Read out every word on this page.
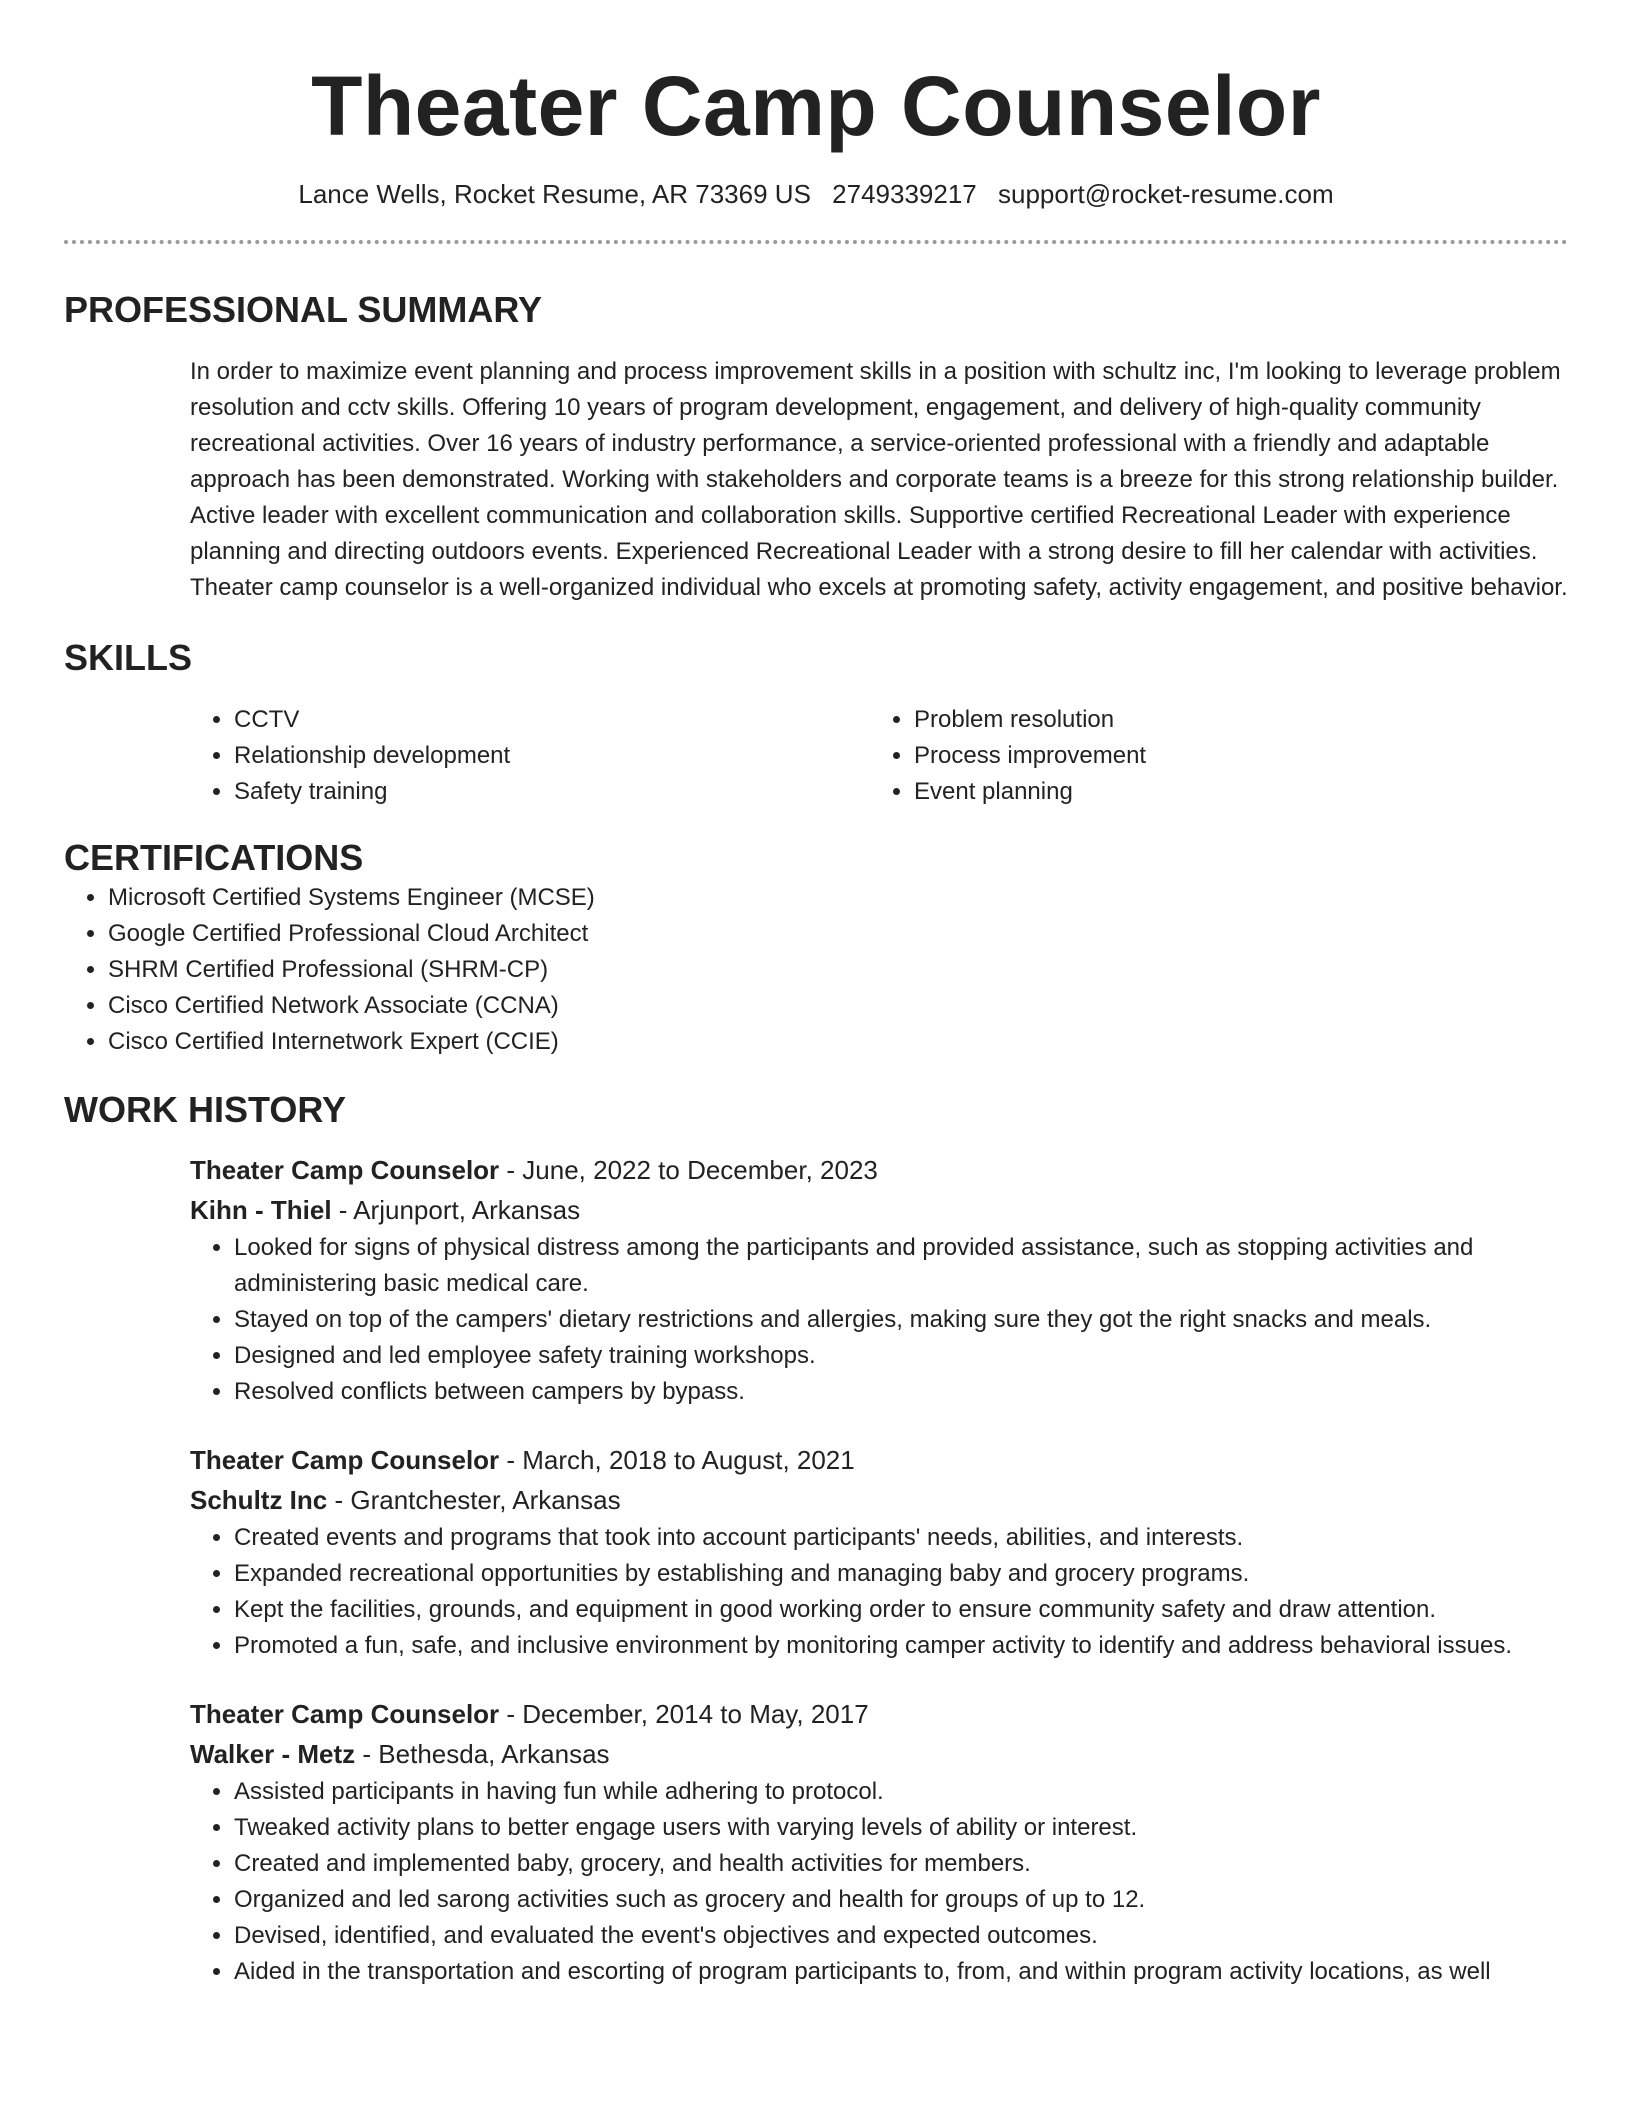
Theater Camp Counselor
Lance Wells, Rocket Resume, AR 73369 US 2749339217 support@rocket-resume.com
PROFESSIONAL SUMMARY

In order to maximize event planning and process improvement skills in a position with schultz inc, I'm looking to leverage problem resolution and cctv skills. Offering 10 years of program development, engagement, and delivery of high-quality community recreational activities. Over 16 years of industry performance, a service-oriented professional with a friendly and adaptable approach has been demonstrated. Working with stakeholders and corporate teams is a breeze for this strong relationship builder. Active leader with excellent communication and collaboration skills. Supportive certified Recreational Leader with experience planning and directing outdoors events. Experienced Recreational Leader with a strong desire to fill her calendar with activities. Theater camp counselor is a well-organized individual who excels at promoting safety, activity engagement, and positive behavior.

SKILLS
• CCTV
• Relationship development
• Safety training
• Problem resolution
• Process improvement
• Event planning
CERTIFICATIONS
• Microsoft Certified Systems Engineer (MCSE)
• Google Certified Professional Cloud Architect
• SHRM Certified Professional (SHRM-CP)
• Cisco Certified Network Associate (CCNA)
• Cisco Certified Internetwork Expert (CCIE)
WORK HISTORY
Theater Camp Counselor - June, 2022 to December, 2023
Kihn - Thiel - Arjunport, Arkansas
• Looked for signs of physical distress among the participants and provided assistance, such as stopping activities and administering basic medical care.
• Stayed on top of the campers' dietary restrictions and allergies, making sure they got the right snacks and meals.
• Designed and led employee safety training workshops.
• Resolved conflicts between campers by bypass.
Theater Camp Counselor - March, 2018 to August, 2021
Schultz Inc - Grantchester, Arkansas
• Created events and programs that took into account participants' needs, abilities, and interests.
• Expanded recreational opportunities by establishing and managing baby and grocery programs.
• Kept the facilities, grounds, and equipment in good working order to ensure community safety and draw attention.
• Promoted a fun, safe, and inclusive environment by monitoring camper activity to identify and address behavioral issues.
Theater Camp Counselor - December, 2014 to May, 2017
Walker - Metz - Bethesda, Arkansas
• Assisted participants in having fun while adhering to protocol.
• Tweaked activity plans to better engage users with varying levels of ability or interest.
• Created and implemented baby, grocery, and health activities for members.
• Organized and led sarong activities such as grocery and health for groups of up to 12.
• Devised, identified, and evaluated the event's objectives and expected outcomes.
• Aided in the transportation and escorting of program participants to, from, and within program activity locations, as well
